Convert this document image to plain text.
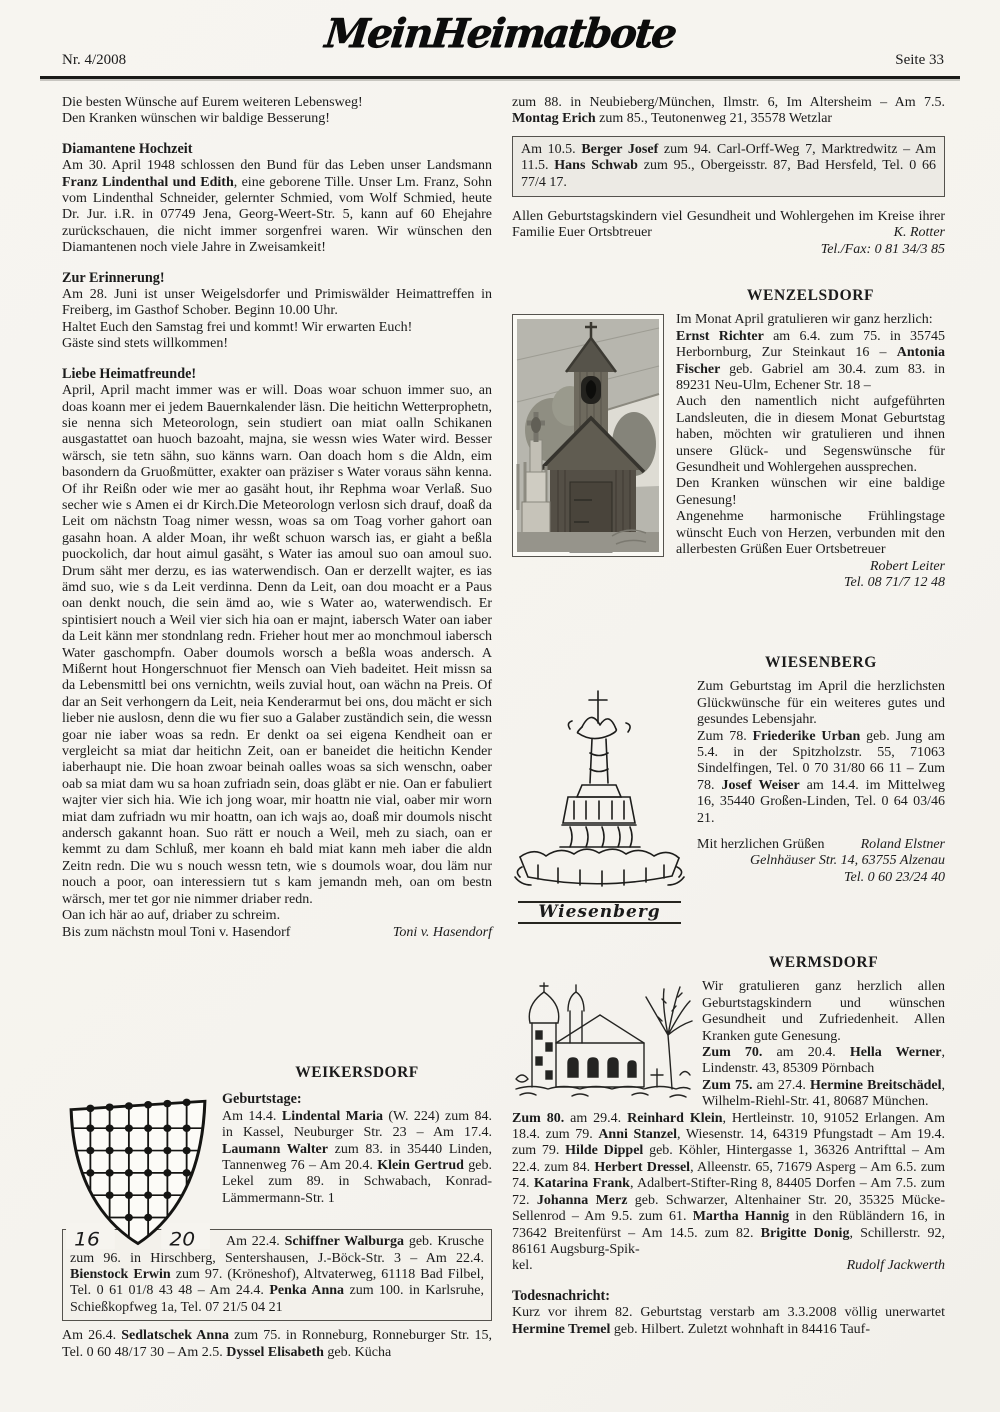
Nr. 4/2008
MeinHeimatbote
Seite 33
Die besten Wünsche auf Eurem weiteren Lebensweg!
Den Kranken wünschen wir baldige Besserung!
Diamantene Hochzeit

Am 30. April 1948 schlossen den Bund für das Leben unser Landsmann Franz Lindenthal und Edith, eine geborene Tille. Unser Lm. Franz, Sohn vom Lindenthal Schneider, gelernter Schmied, vom Wolf Schmied, heute Dr. Jur. i.R. in 07749 Jena, Georg-Weert-Str. 5, kann auf 60 Ehejahre zurückschauen, die nicht immer sorgenfrei waren. Wir wünschen den Diamantenen noch viele Jahre in Zweisamkeit!

Zur Erinnerung!

Am 28. Juni ist unser Weigelsdorfer und Primiswälder Heimattreffen in Freiberg, im Gasthof Schober. Beginn 10.00 Uhr.

Haltet Euch den Samstag frei und kommt! Wir erwarten Euch!
Gäste sind stets willkommen!
Liebe Heimatfreunde!

April, April macht immer was er will. Doas woar schuon immer suo, an doas koann mer ei jedem Bauernkalender läsn. Die heitichn Wetterprophetn, sie nenna sich Meteorologn, sein studiert oan miat oalln Schikanen ausgastattet oan huoch bazoaht, majna, sie wessn wies Water wird. Besser wärsch, sie tetn sähn, suo känns warn. Oan doach hom s die Aldn, eim basondern da Gruoßmütter, exakter oan präziser s Water voraus sähn kenna. Of ihr Reißn oder wie mer ao gasäht hout, ihr Rephma woar Verlaß. Suo secher wie s Amen ei dr Kirch.Die Meteorologn verlosn sich drauf, doaß da Leit om nächstn Toag nimer wessn, woas sa om Toag vorher gahort oan gasahn hoan. A alder Moan, ihr weßt schuon warsch ias, er giaht a beßla puockolich, dar hout aimul gasäht, s Water ias amoul suo oan amoul suo. Drum säht mer derzu, es ias waterwendisch. Oan er derzellt wajter, es ias ämd suo, wie s da Leit verdinna. Denn da Leit, oan dou moacht er a Paus oan denkt nouch, die sein ämd ao, wie s Water ao, waterwendisch. Er spintisiert nouch a Weil vier sich hia oan er majnt, iabersch Water oan iaber da Leit känn mer stondnlang redn. Frieher hout mer ao monchmoul iabersch Water gaschompfn. Oaber doumols worsch a beßla woas andersch. A Mißernt hout Hongerschnuot fier Mensch oan Vieh badeitet. Heit missn sa da Lebensmittl bei ons vernichtn, weils zuvial hout, oan wächn na Preis. Of dar an Seit verhongern da Leit, neia Kenderarmut bei ons, dou mächt er sich lieber nie auslosn, denn die wu fier suo a Galaber zuständich sein, die wessn goar nie iaber woas sa redn. Er denkt oa sei eigena Kendheit oan er vergleicht sa miat dar heitichn Zeit, oan er baneidet die heitichn Kender iaberhaupt nie. Die hoan zwoar beinah oalles woas sa sich wenschn, oaber oab sa miat dam wu sa hoan zufriadn sein, doas gläbt er nie. Oan er fabuliert wajter vier sich hia. Wie ich jong woar, mir hoattn nie vial, oaber mir worn miat dam zufriadn wu mir hoattn, oan ich wajs ao, doaß mir doumols nischt andersch gakannt hoan. Suo rätt er nouch a Weil, meh zu siach, oan er kemmt zu dam Schluß, mer koann eh bald miat kann meh iaber die aldn Zeitn redn. Die wu s nouch wessn tetn, wie s doumols woar, dou läm nur nouch a poor, oan interessiern tut s kam jemandn meh, oan om bestn wärsch, mer tet gor nie nimmer driaber redn.

Oan ich här ao auf, driaber zu schreim.
Bis zum nächstn moul Toni v. Hasendorf	Toni v. Hasendorf
16	20
WEIKERSDORF
Geburtstage:

Am 14.4. Lindental Maria (W. 224) zum 84. in Kassel, Neuburger Str. 23 – Am 17.4. Laumann Walter zum 83. in 35440 Linden, Tannenweg 76 – Am 20.4. Klein Gertrud geb. Lekel zum 89. in Schwabach, Konrad-Lämmermann-Str. 1

Am 22.4. Schiffner Walburga geb. Krusche zum 96. in Hirschberg, Sentershausen, J.-Böck-Str. 3 – Am 22.4. Bienstock Erwin zum 97. (Kröneshof), Altvaterweg, 61118 Bad Filbel, Tel. 0 61 01/8 43 48 – Am 24.4. Penka Anna zum 100. in Karlsruhe, Schießkopfweg 1a, Tel. 07 21/5 04 21

Am 26.4. Sedlatschek Anna zum 75. in Ronneburg, Ronneburger Str. 15, Tel. 0 60 48/17 30 – Am 2.5. Dyssel Elisabeth geb. Kücha

zum 88. in Neubieberg/München, Ilmstr. 6, Im Altersheim – Am 7.5. Montag Erich zum 85., Teutonenweg 21, 35578 Wetzlar

Am 10.5. Berger Josef zum 94. Carl-Orff-Weg 7, Marktredwitz – Am 11.5. Hans Schwab zum 95., Obergeisstr. 87, Bad Hersfeld, Tel. 0 66 77/4 17.

Allen Geburtstagskindern viel Gesundheit und Wohlergehen im Kreise ihrer Familie Euer Ortsbtreuer	K. Rotter
Tel./Fax: 0 81 34/3 85
WENZELSDORF

Im Monat April gratulieren wir ganz herzlich:

Ernst Richter am 6.4. zum 75. in 35745 Herbornburg, Zur Steinkaut 16 – Antonia Fischer geb. Gabriel am 30.4. zum 83. in 89231 Neu-Ulm, Echener Str. 18 –

Auch den namentlich nicht aufgeführten Landsleuten, die in diesem Monat Geburtstag haben, möchten wir gratulieren und ihnen unsere Glück- und Segenswünsche für Gesundheit und Wohlergehen aussprechen.

Den Kranken wünschen wir eine baldige Genesung!

Angenehme harmonische Frühlingstage wünscht Euch von Herzen, verbunden mit den allerbesten Grüßen Euer Ortsbetreuer

Robert Leiter
Tel. 08 71/7 12 48
WIESENBERG
Wiesenberg

Zum Geburtstag im April die herzlichsten Glückwünsche für ein weiteres gutes und gesundes Lebensjahr.

Zum 78. Friederike Urban geb. Jung am 5.4. in der Spitzholzstr. 55, 71063 Sindelfingen, Tel. 0 70 31/80 66 11 – Zum 78. Josef Weiser am 14.4. im Mittelweg 16, 35440 Großen-Linden, Tel. 0 64 03/46 21.

Mit herzlichen Grüßen	Roland Elstner
Gelnhäuser Str. 14, 63755 Alzenau
Tel. 0 60 23/24 40
WERMSDORF

Wir gratulieren ganz herzlich allen Geburtstagskindern und wünschen Gesundheit und Zufriedenheit. Allen Kranken gute Genesung.

Zum 70. am 20.4. Hella Werner, Lindenstr. 43, 85309 Pörnbach

Zum 75. am 27.4. Hermine Breitschädel, Wilhelm-Riehl-Str. 41, 80687 München.

Zum 80. am 29.4. Reinhard Klein, Hertleinstr. 10, 91052 Erlangen. Am 18.4. zum 79. Anni Stanzel, Wiesenstr. 14, 64319 Pfungstadt – Am 19.4. zum 79. Hilde Dippel geb. Köhler, Hintergasse 1, 36326 Antrifttal – Am 22.4. zum 84. Herbert Dressel, Alleenstr. 65, 71679 Asperg – Am 6.5. zum 74. Katarina Frank, Adalbert-Stifter-Ring 8, 84405 Dorfen – Am 7.5. zum 72. Johanna Merz geb. Schwarzer, Altenhainer Str. 20, 35325 Mücke-Sellenrod – Am 9.5. zum 61. Martha Hannig in den Rübländern 16, in 73642 Breitenfürst – Am 14.5. zum 82. Brigitte Donig, Schillerstr. 92, 86161 Augsburg-Spik-

kel.	Rudolf Jackwerth
Todesnachricht:

Kurz vor ihrem 82. Geburtstag verstarb am 3.3.2008 völlig unerwartet Hermine Tremel geb. Hilbert. Zuletzt wohnhaft in 84416 Tauf-
